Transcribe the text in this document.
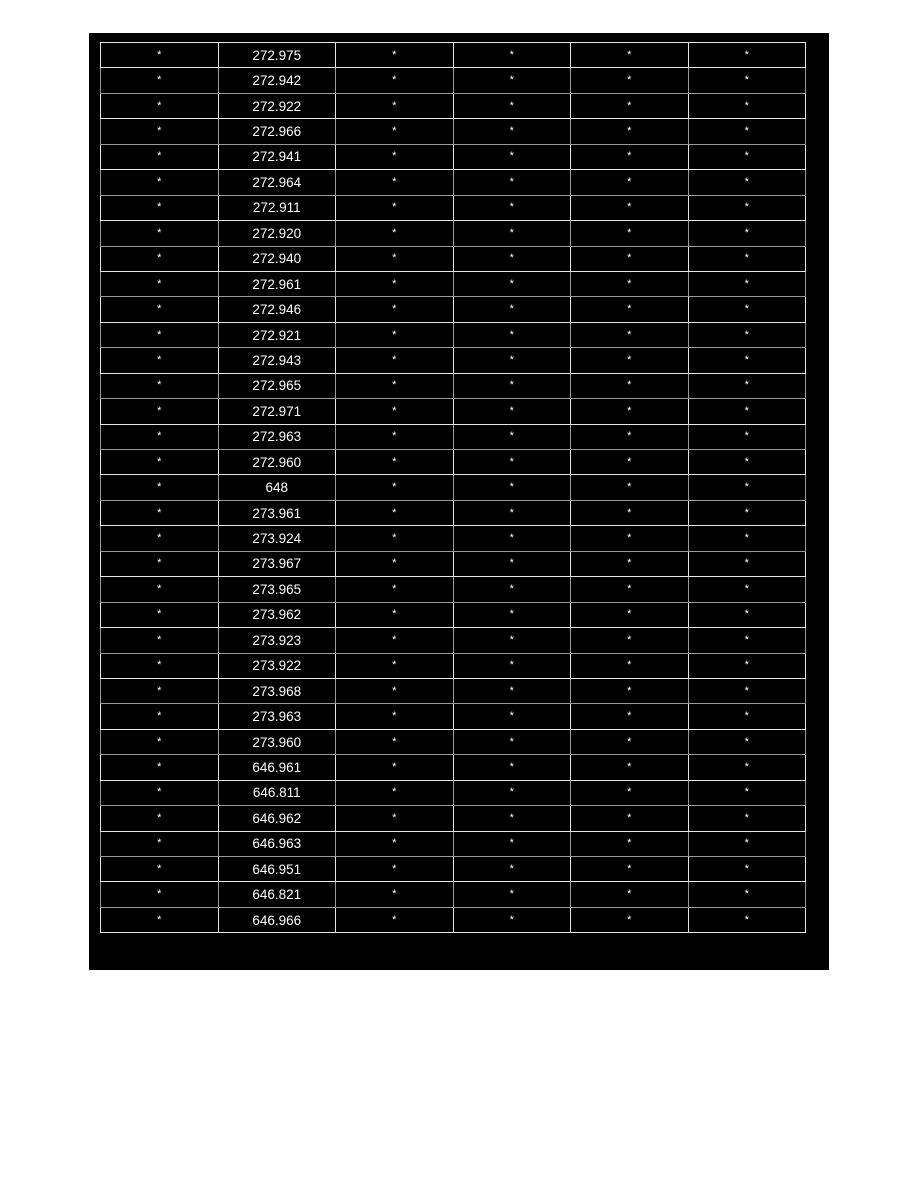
*	272.975	*	*	*	*
*	272.942	*	*	*	*
*	272.922	*	*	*	*
*	272.966	*	*	*	*
*	272.941	*	*	*	*
*	272.964	*	*	*	*
*	272.911	*	*	*	*
*	272.920	*	*	*	*
*	272.940	*	*	*	*
*	272.961	*	*	*	*
*	272.946	*	*	*	*
*	272.921	*	*	*	*
*	272.943	*	*	*	*
*	272.965	*	*	*	*
*	272.971	*	*	*	*
*	272.963	*	*	*	*
*	272.960	*	*	*	*
*	648	*	*	*	*
*	273.961	*	*	*	*
*	273.924	*	*	*	*
*	273.967	*	*	*	*
*	273.965	*	*	*	*
*	273.962	*	*	*	*
*	273.923	*	*	*	*
*	273.922	*	*	*	*
*	273.968	*	*	*	*
*	273.963	*	*	*	*
*	273.960	*	*	*	*
*	646.961	*	*	*	*
*	646.811	*	*	*	*
*	646.962	*	*	*	*
*	646.963	*	*	*	*
*	646.951	*	*	*	*
*	646.821	*	*	*	*
*	646.966	*	*	*	*
